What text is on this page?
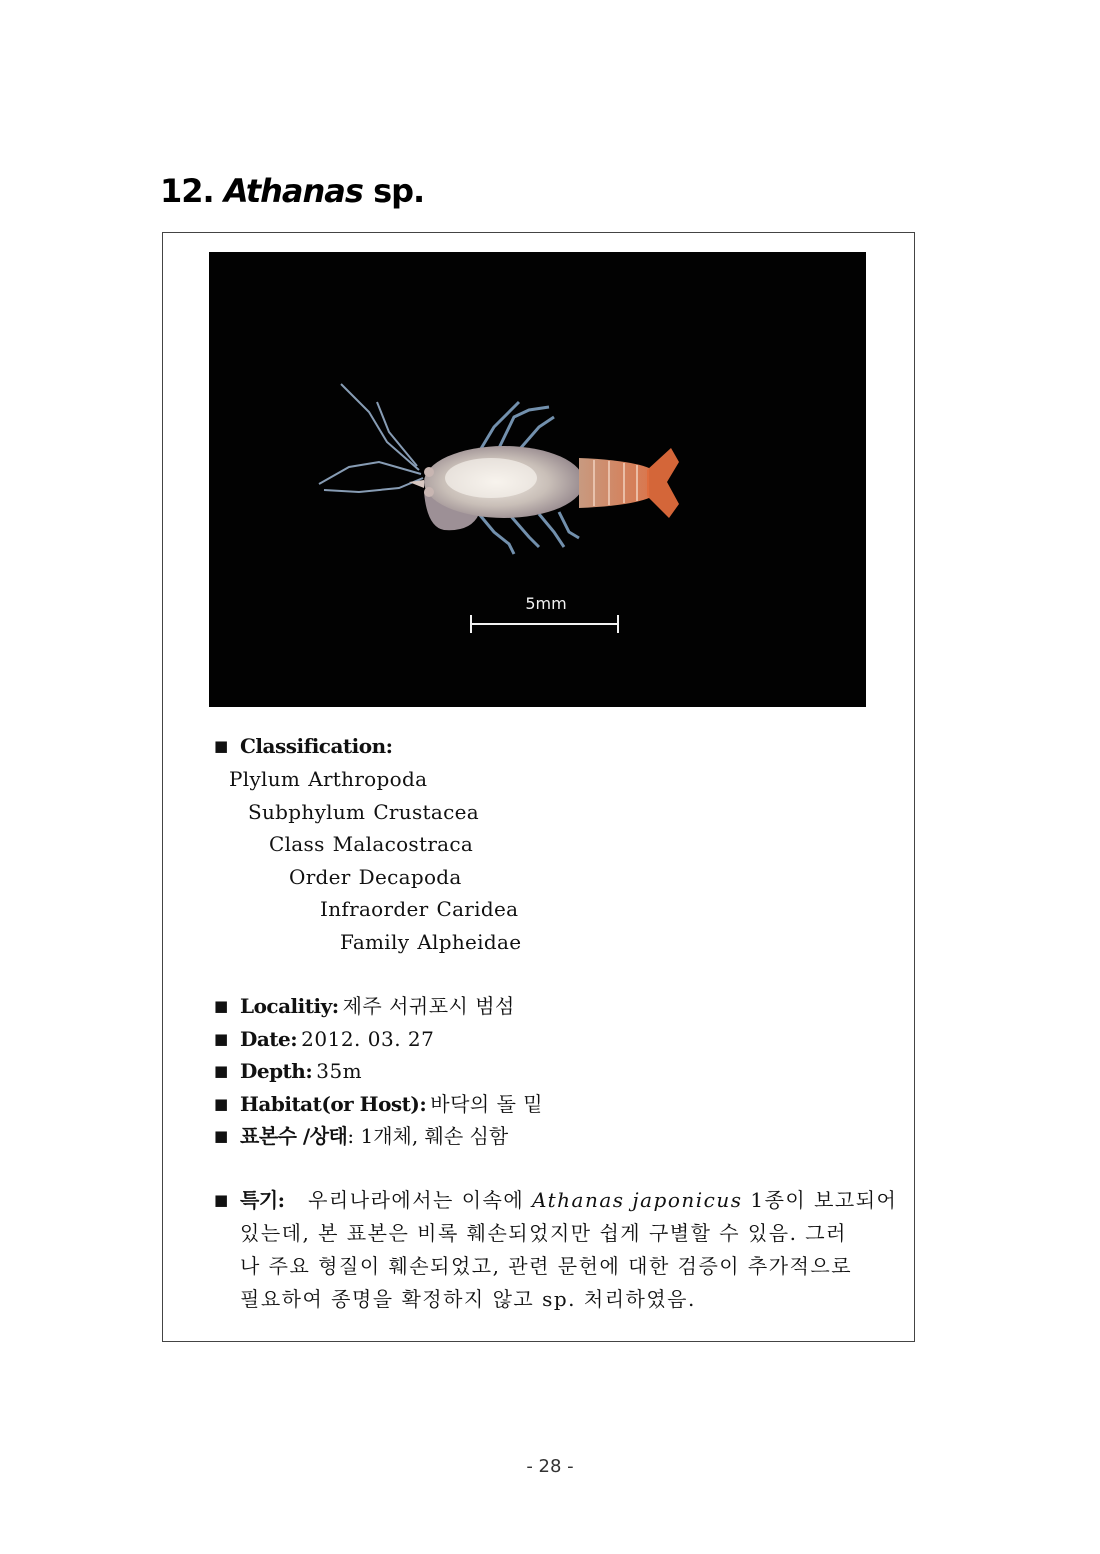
12. Athanas sp.
5mm
■ Classification:
Plylum Arthropoda
Subphylum Crustacea
Class Malacostraca
Order Decapoda
Infraorder Caridea
Family Alpheidae
■ Localitiy: 제주 서귀포시 범섬
■ Date: 2012. 03. 27
■ Depth: 35m
■ Habitat(or Host): 바닥의 돌 밑
■ 표본수 /상태: 1개체, 훼손 심함
■ 특기: 우리나라에서는 이속에 Athanas japonicus 1종이 보고되어
있는데, 본 표본은 비록 훼손되었지만 쉽게 구별할 수 있음. 그러
나 주요 형질이 훼손되었고, 관련 문헌에 대한 검증이 추가적으로
필요하여 종명을 확정하지 않고 sp. 처리하였음.
- 28 -
